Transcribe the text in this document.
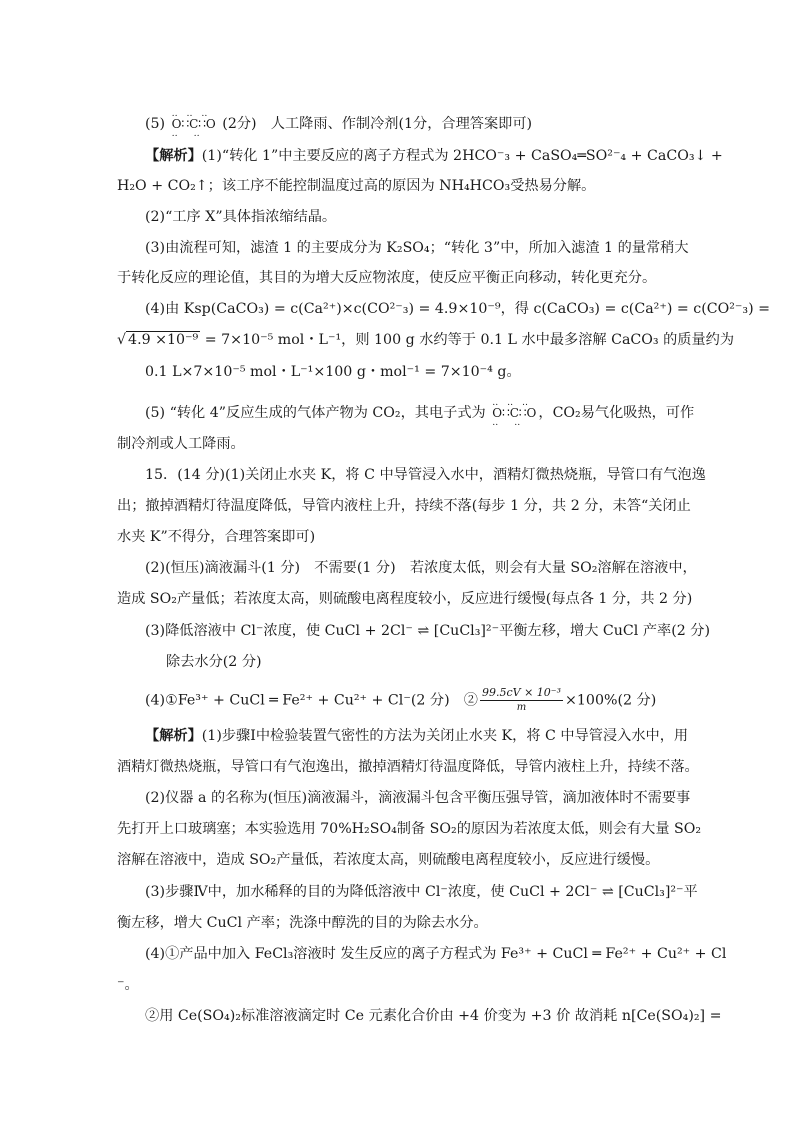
(5)
‥ ‥ ‥
O∷C∷O
‥‥
(2分)　人工降雨、作制冷剂(1分，合理答案即可)
【解析】(1)“转化 1”中主要反应的离子方程式为 2HCO⁻₃ + CaSO₄═SO²⁻₄ + CaCO₃↓ +
H₂O + CO₂↑；该工序不能控制温度过高的原因为 NH₄HCO₃受热易分解。
(2)“工序 X”具体指浓缩结晶。
(3)由流程可知，滤渣 1 的主要成分为 K₂SO₄；“转化 3”中，所加入滤渣 1 的量常稍大
于转化反应的理论值，其目的为增大反应物浓度，使反应平衡正向移动，转化更充分。
(4)由 Ksp(CaCO₃) = c(Ca²⁺)×c(CO²⁻₃) = 4.9×10⁻⁹，得 c(CaCO₃) = c(Ca²⁺) = c(CO²⁻₃) =
√ 4.9 ×10⁻⁹ = 7×10⁻⁵ mol・L⁻¹，则 100 g 水约等于 0.1 L 水中最多溶解 CaCO₃ 的质量约为
0.1 L×7×10⁻⁵ mol・L⁻¹×100 g・mol⁻¹ = 7×10⁻⁴ g。
(5) “转化 4”反应生成的气体产物为 CO₂，其电子式为
‥ ‥ ‥
O∷C∷O
‥‥
，CO₂易气化吸热，可作
制冷剂或人工降雨。
15．(14 分)(1)关闭止水夹 K，将 C 中导管浸入水中，酒精灯微热烧瓶，导管口有气泡逸
出；撤掉酒精灯待温度降低，导管内液柱上升，持续不落(每步 1 分，共 2 分，未答“关闭止
水夹 K”不得分，合理答案即可)
(2)(恒压)滴液漏斗(1 分)　不需要(1 分)　若浓度太低，则会有大量 SO₂溶解在溶液中，
造成 SO₂产量低；若浓度太高，则硫酸电离程度较小，反应进行缓慢(每点各 1 分，共 2 分)
(3)降低溶液中 Cl⁻浓度，使 CuCl + 2Cl⁻ ⇌ [CuCl₃]²⁻平衡左移，增大 CuCl 产率(2 分)
除去水分(2 分)
(4)①Fe³⁺ + CuCl ═ Fe²⁺ + Cu²⁺ + Cl⁻(2 分)　② $\frac{\text{99.5cV × 10⁻³}}{m} \times 100\%(2$ 分)
【解析】(1)步骤Ⅰ中检验装置气密性的方法为关闭止水夹 K，将 C 中导管浸入水中，用
酒精灯微热烧瓶，导管口有气泡逸出，撤掉酒精灯待温度降低，导管内液柱上升，持续不落。
(2)仪器 a 的名称为(恒压)滴液漏斗，滴液漏斗包含平衡压强导管，滴加液体时不需要事
先打开上口玻璃塞；本实验选用 70%H₂SO₄制备 SO₂的原因为若浓度太低，则会有大量 SO₂
溶解在溶液中，造成 SO₂产量低，若浓度太高，则硫酸电离程度较小，反应进行缓慢。
(3)步骤Ⅳ中，加水稀释的目的为降低溶液中 Cl⁻浓度，使 CuCl + 2Cl⁻ ⇌ [CuCl₃]²⁻平
衡左移，增大 CuCl 产率；洗涤中醇洗的目的为除去水分。
(4)①产品中加入 FeCl₃溶液时 发生反应的离子方程式为 Fe³⁺ + CuCl ═ Fe²⁺ + Cu²⁺ + Cl
⁻。
②用 Ce(SO₄)₂标准溶液滴定时 Ce 元素化合价由 +4 价变为 +3 价 故消耗 n[Ce(SO₄)₂] =
